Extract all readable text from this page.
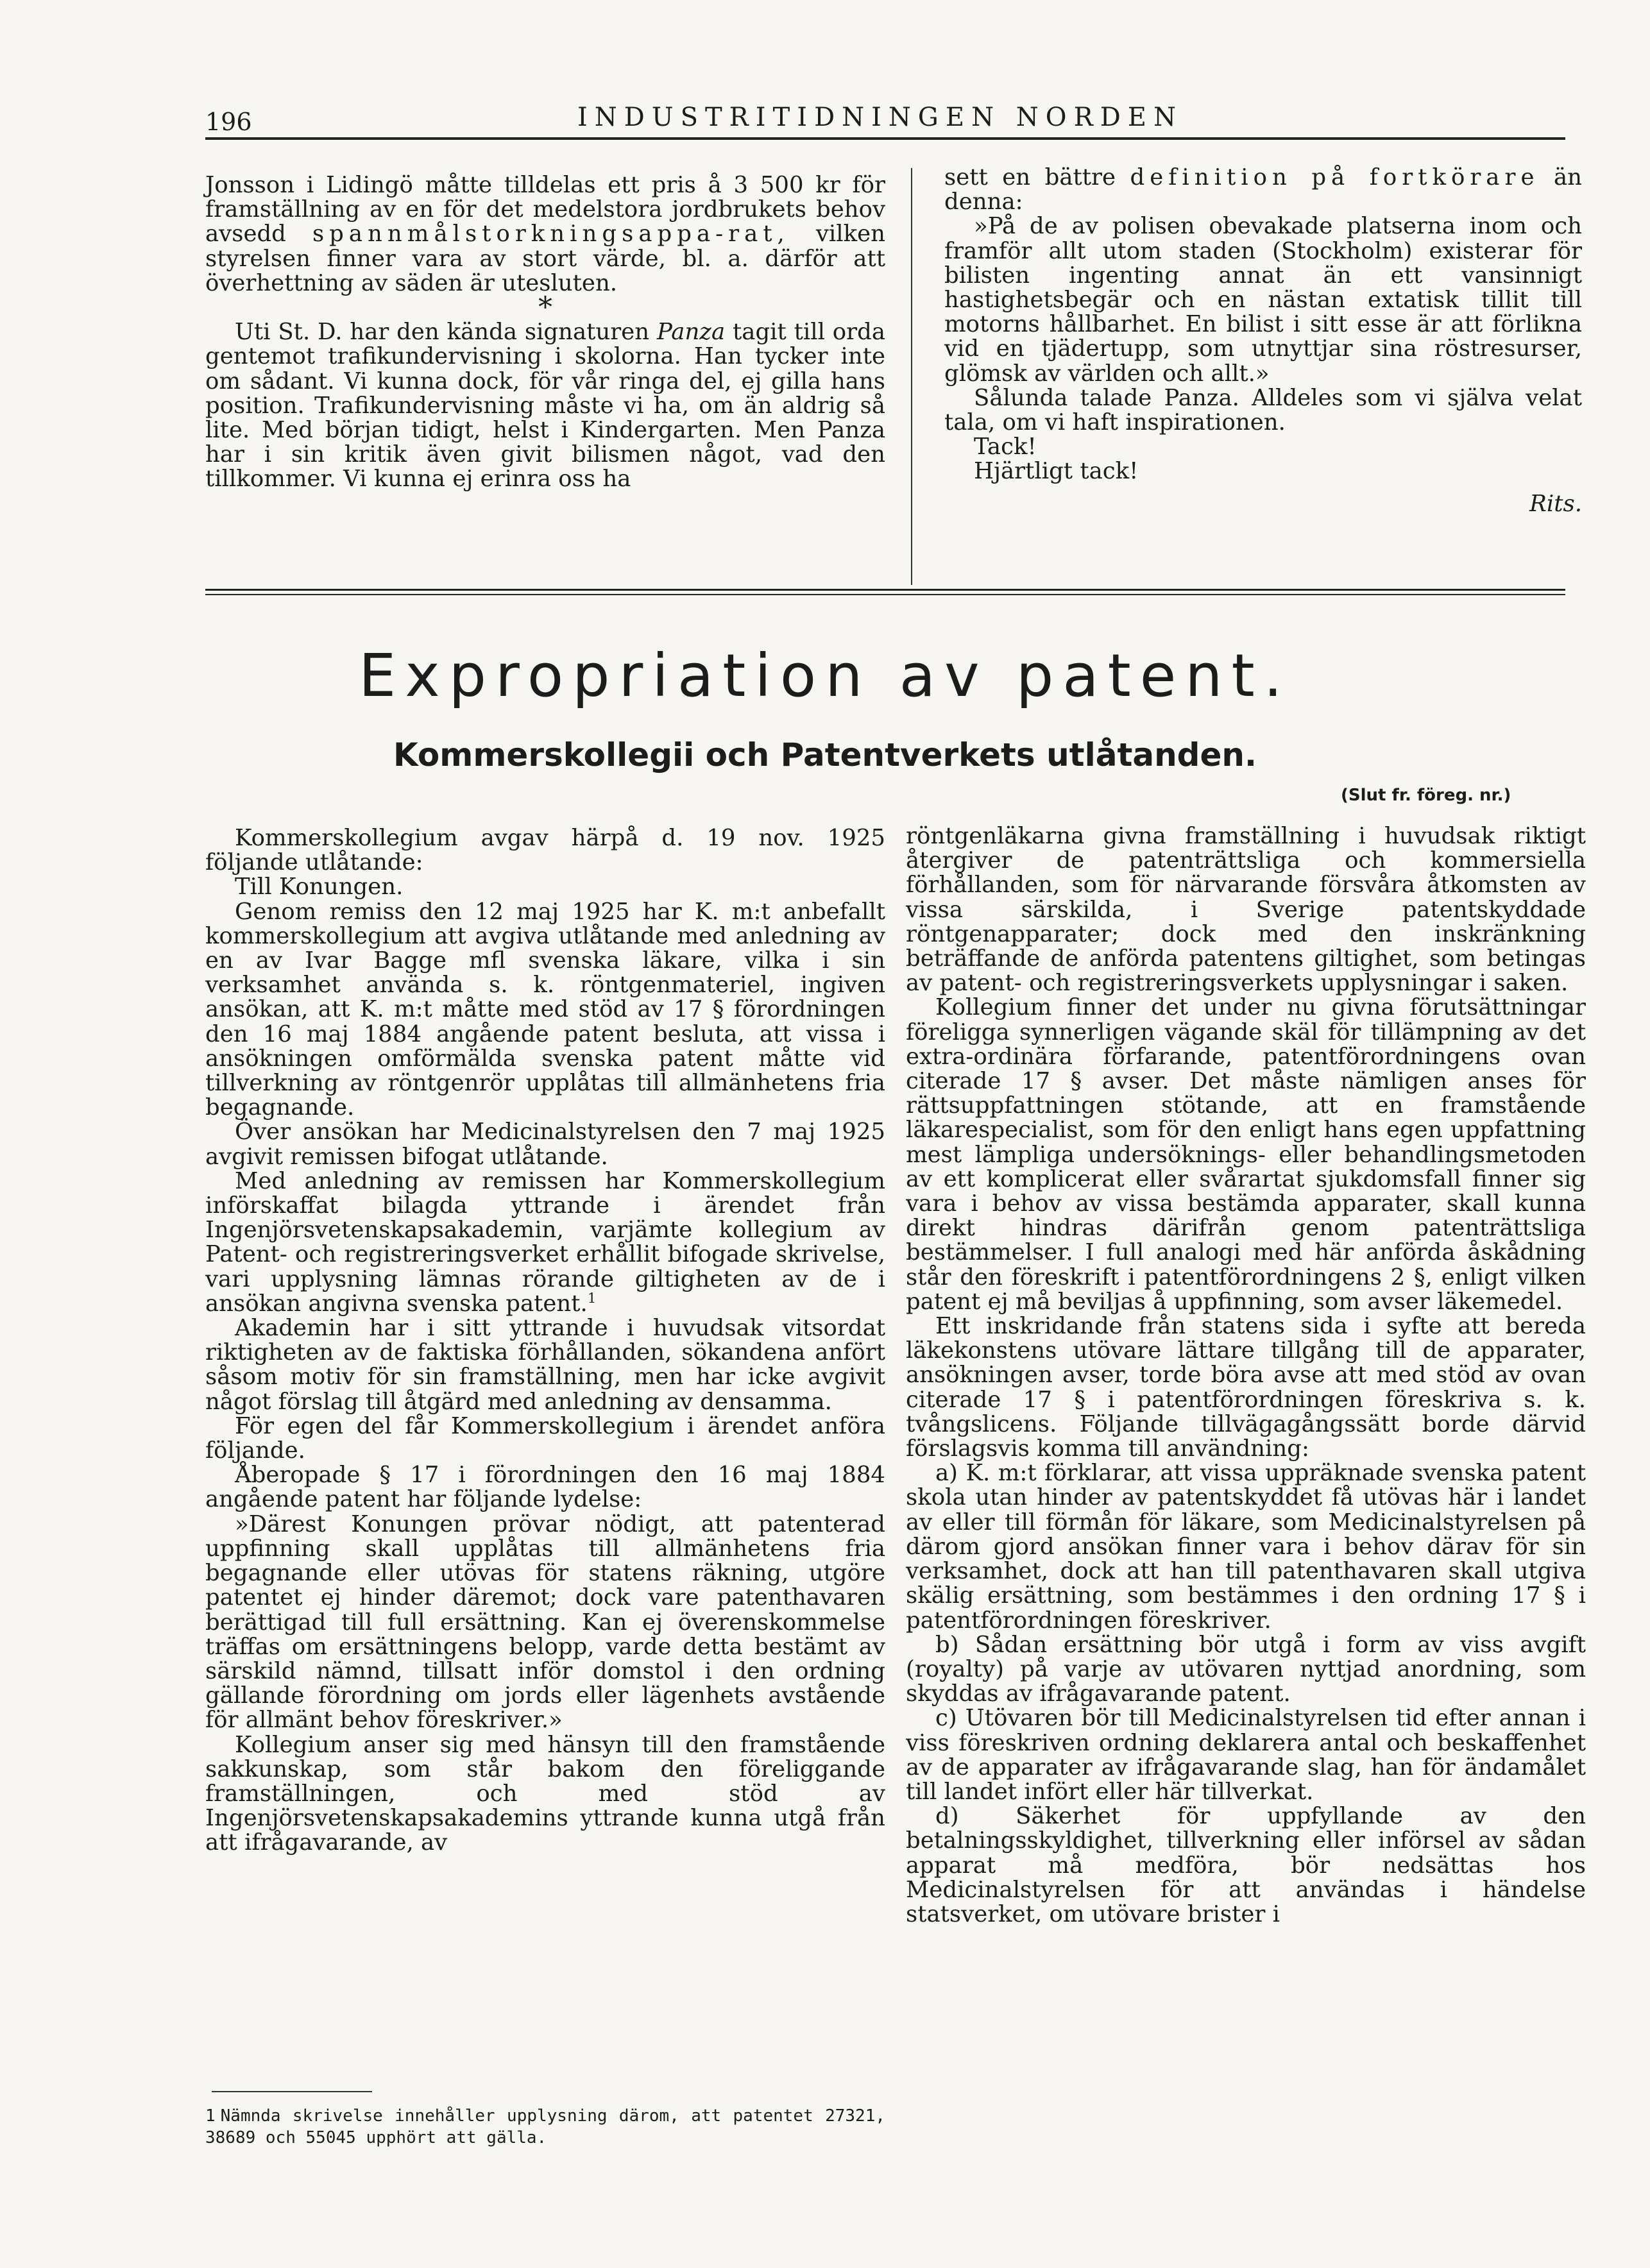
196	INDUSTRITIDNINGEN NORDEN

Jonsson i Lidingö måtte tilldelas ett pris å 3 500 kr för framställning av en för det medelstora jordbrukets behov avsedd spannmålstorkningsappa-rat, vilken styrelsen finner vara av stort värde, bl. a. därför att överhettning av säden är utesluten.

*

Uti St. D. har den kända signaturen Panza tagit till orda gentemot trafikundervisning i skolorna. Han tycker inte om sådant. Vi kunna dock, för vår ringa del, ej gilla hans position. Trafikundervisning måste vi ha, om än aldrig så lite. Med början tidigt, helst i Kindergarten. Men Panza har i sin kritik även givit bilismen något, vad den tillkommer. Vi kunna ej erinra oss ha

sett en bättre definition på fortkörare än denna:

»På de av polisen obevakade platserna inom och framför allt utom staden (Stockholm) existerar för bilisten ingenting annat än ett vansinnigt hastighetsbegär och en nästan extatisk tillit till motorns hållbarhet. En bilist i sitt esse är att förlikna vid en tjädertupp, som utnyttjar sina röstresurser, glömsk av världen och allt.»

Sålunda talade Panza. Alldeles som vi själva velat tala, om vi haft inspirationen.

Tack!

Hjärtligt tack!

Rits.

Expropriation av patent.
Kommerskollegii och Patentverkets utlåtanden.
(Slut fr. föreg. nr.)

Kommerskollegium avgav härpå d. 19 nov. 1925 följande utlåtande:

Till Konungen.

Genom remiss den 12 maj 1925 har K. m:t anbefallt kommerskollegium att avgiva utlåtande med anledning av en av Ivar Bagge mfl svenska läkare, vilka i sin verksamhet använda s. k. röntgenmateriel, ingiven ansökan, att K. m:t måtte med stöd av 17 § förordningen den 16 maj 1884 angående patent besluta, att vissa i ansökningen omförmälda svenska patent måtte vid tillverkning av röntgenrör upplåtas till allmänhetens fria begagnande.

Över ansökan har Medicinalstyrelsen den 7 maj 1925 avgivit remissen bifogat utlåtande.

Med anledning av remissen har Kommerskollegium införskaffat bilagda yttrande i ärendet från Ingenjörsvetenskapsakademin, varjämte kollegium av Patent- och registreringsverket erhållit bifogade skrivelse, vari upplysning lämnas rörande giltigheten av de i ansökan angivna svenska patent.$^1$

Akademin har i sitt yttrande i huvudsak vitsordat riktigheten av de faktiska förhållanden, sökandena anfört såsom motiv för sin framställning, men har icke avgivit något förslag till åtgärd med anledning av densamma.

För egen del får Kommerskollegium i ärendet anföra följande.

Åberopade § 17 i förordningen den 16 maj 1884 angående patent har följande lydelse:

»Därest Konungen prövar nödigt, att patenterad uppfinning skall upplåtas till allmänhetens fria begagnande eller utövas för statens räkning, utgöre patentet ej hinder däremot; dock vare patenthavaren berättigad till full ersättning. Kan ej överenskommelse träffas om ersättningens belopp, varde detta bestämt av särskild nämnd, tillsatt inför domstol i den ordning gällande förordning om jords eller lägenhets avstående för allmänt behov föreskriver.»

Kollegium anser sig med hänsyn till den framstående sakkunskap, som står bakom den föreliggande framställningen, och med stöd av Ingenjörsvetenskapsakademins yttrande kunna utgå från att ifrågavarande, av

röntgenläkarna givna framställning i huvudsak riktigt återgiver de patenträttsliga och kommersiella förhållanden, som för närvarande försvåra åtkomsten av vissa särskilda, i Sverige patentskyddade röntgenapparater; dock med den inskränkning beträffande de anförda patentens giltighet, som betingas av patent- och registreringsverkets upplysningar i saken.

Kollegium finner det under nu givna förutsättningar föreligga synnerligen vägande skäl för tillämpning av det extra-ordinära förfarande, patentförordningens ovan citerade 17 § avser. Det måste nämligen anses för rättsuppfattningen stötande, att en framstående läkarespecialist, som för den enligt hans egen uppfattning mest lämpliga undersöknings- eller behandlingsmetoden av ett komplicerat eller svårartat sjukdomsfall finner sig vara i behov av vissa bestämda apparater, skall kunna direkt hindras därifrån genom patenträttsliga bestämmelser. I full analogi med här anförda åskådning står den föreskrift i patentförordningens 2 §, enligt vilken patent ej må beviljas å uppfinning, som avser läkemedel.

Ett inskridande från statens sida i syfte att bereda läkekonstens utövare lättare tillgång till de apparater, ansökningen avser, torde böra avse att med stöd av ovan citerade 17 § i patentförordningen föreskriva s. k. tvångslicens. Följande tillvägagångssätt borde därvid förslagsvis komma till användning:

a) K. m:t förklarar, att vissa uppräknade svenska patent skola utan hinder av patentskyddet få utövas här i landet av eller till förmån för läkare, som Medicinalstyrelsen på därom gjord ansökan finner vara i behov därav för sin verksamhet, dock att han till patenthavaren skall utgiva skälig ersättning, som bestämmes i den ordning 17 § i patentförordningen föreskriver.

b) Sådan ersättning bör utgå i form av viss avgift (royalty) på varje av utövaren nyttjad anordning, som skyddas av ifrågavarande patent.

c) Utövaren bör till Medicinalstyrelsen tid efter annan i viss föreskriven ordning deklarera antal och beskaffenhet av de apparater av ifrågavarande slag, han för ändamålet till landet infört eller här tillverkat.

d) Säkerhet för uppfyllande av den betalningsskyldighet, tillverkning eller införsel av sådan apparat må medföra, bör nedsättas hos Medicinalstyrelsen för att användas i händelse statsverket, om utövare brister i

1 Nämnda skrivelse innehåller upplysning därom, att patentet 27321, 38689 och 55045 upphört att gälla.
